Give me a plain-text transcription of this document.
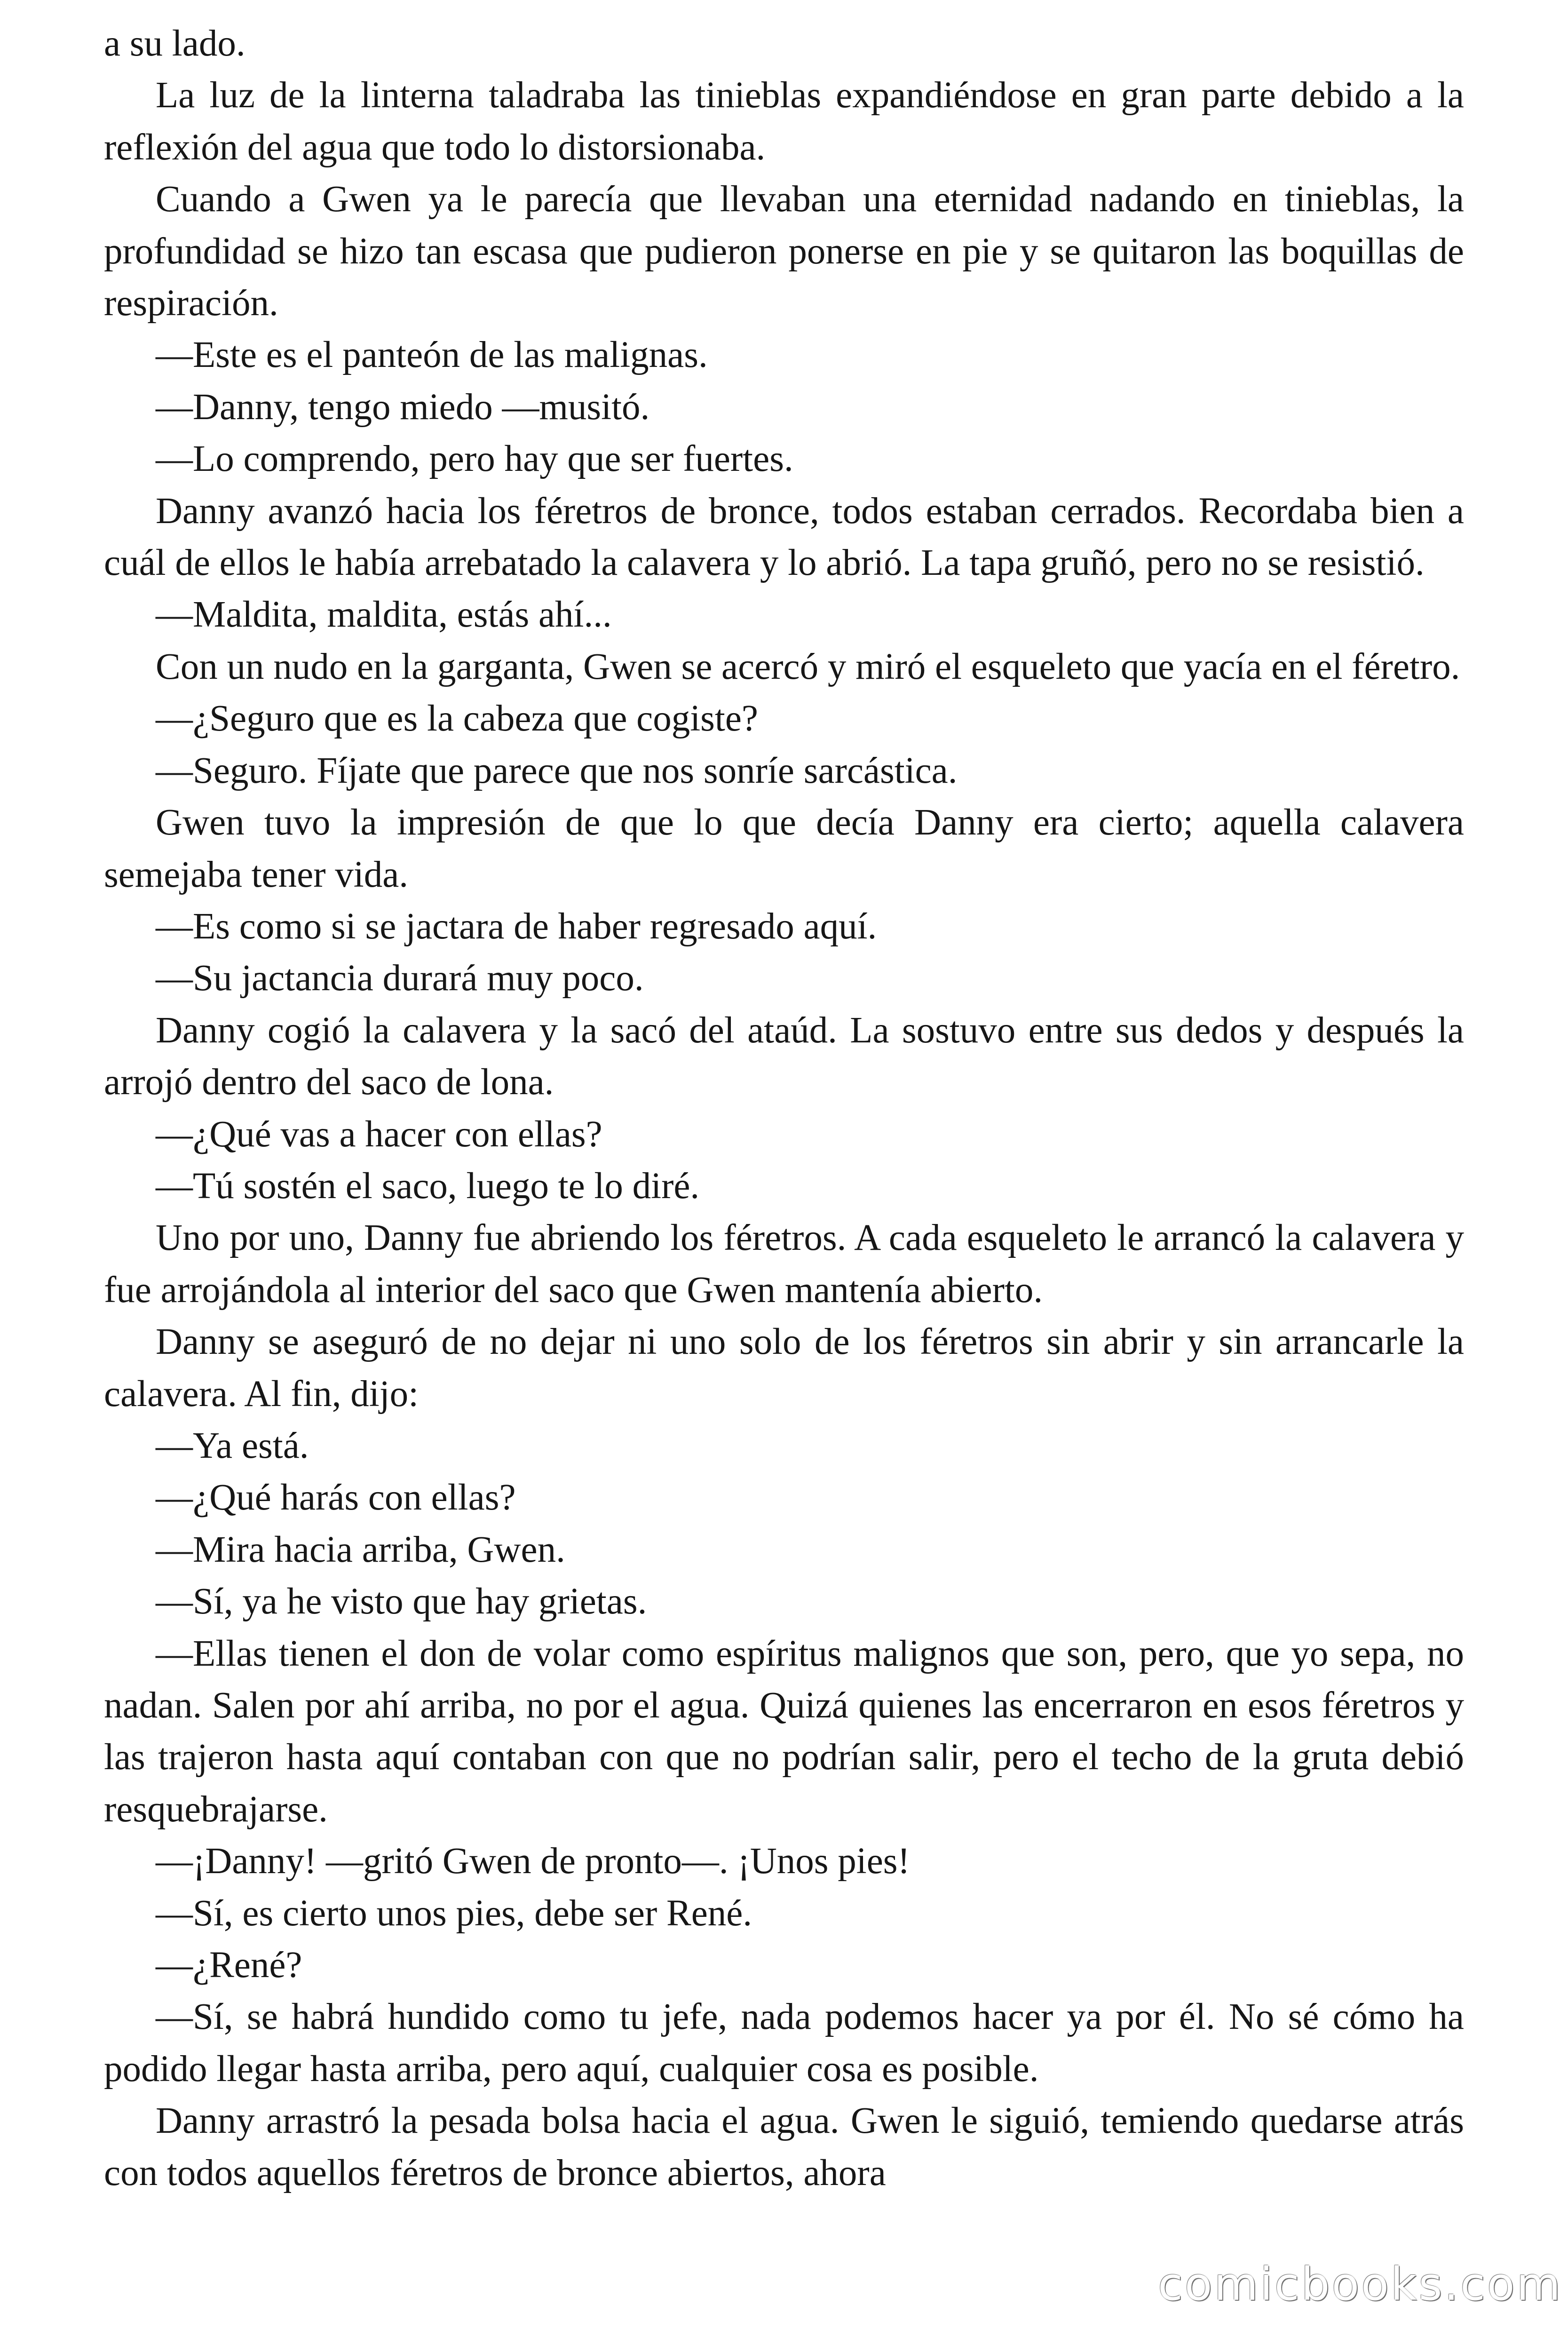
a su lado.

La luz de la linterna taladraba las tinieblas expandiéndose en gran parte debido a la reflexión del agua que todo lo distorsionaba.

Cuando a Gwen ya le parecía que llevaban una eternidad nadando en tinieblas, la profundidad se hizo tan escasa que pudieron ponerse en pie y se quitaron las boquillas de respiración.

—Este es el panteón de las malignas.

—Danny, tengo miedo —musitó.

—Lo comprendo, pero hay que ser fuertes.

Danny avanzó hacia los féretros de bronce, todos estaban cerrados. Recordaba bien a cuál de ellos le había arrebatado la calavera y lo abrió. La tapa gruñó, pero no se resistió.

—Maldita, maldita, estás ahí...

Con un nudo en la garganta, Gwen se acercó y miró el esqueleto que yacía en el féretro.

—¿Seguro que es la cabeza que cogiste?

—Seguro. Fíjate que parece que nos sonríe sarcástica.

Gwen tuvo la impresión de que lo que decía Danny era cierto; aquella calavera semejaba tener vida.

—Es como si se jactara de haber regresado aquí.

—Su jactancia durará muy poco.

Danny cogió la calavera y la sacó del ataúd. La sostuvo entre sus dedos y después la arrojó dentro del saco de lona.

—¿Qué vas a hacer con ellas?

—Tú sostén el saco, luego te lo diré.

Uno por uno, Danny fue abriendo los féretros. A cada esqueleto le arrancó la calavera y fue arrojándola al interior del saco que Gwen mantenía abierto.

Danny se aseguró de no dejar ni uno solo de los féretros sin abrir y sin arrancarle la calavera. Al fin, dijo:

—Ya está.

—¿Qué harás con ellas?

—Mira hacia arriba, Gwen.

—Sí, ya he visto que hay grietas.

—Ellas tienen el don de volar como espíritus malignos que son, pero, que yo sepa, no nadan. Salen por ahí arriba, no por el agua. Quizá quienes las encerraron en esos féretros y las trajeron hasta aquí contaban con que no podrían salir, pero el techo de la gruta debió resquebrajarse.

—¡Danny! —gritó Gwen de pronto—. ¡Unos pies!

—Sí, es cierto unos pies, debe ser René.

—¿René?

—Sí, se habrá hundido como tu jefe, nada podemos hacer ya por él. No sé cómo ha podido llegar hasta arriba, pero aquí, cualquier cosa es posible.

Danny arrastró la pesada bolsa hacia el agua. Gwen le siguió, temiendo quedarse atrás con todos aquellos féretros de bronce abiertos, ahora

comicbooks.com
